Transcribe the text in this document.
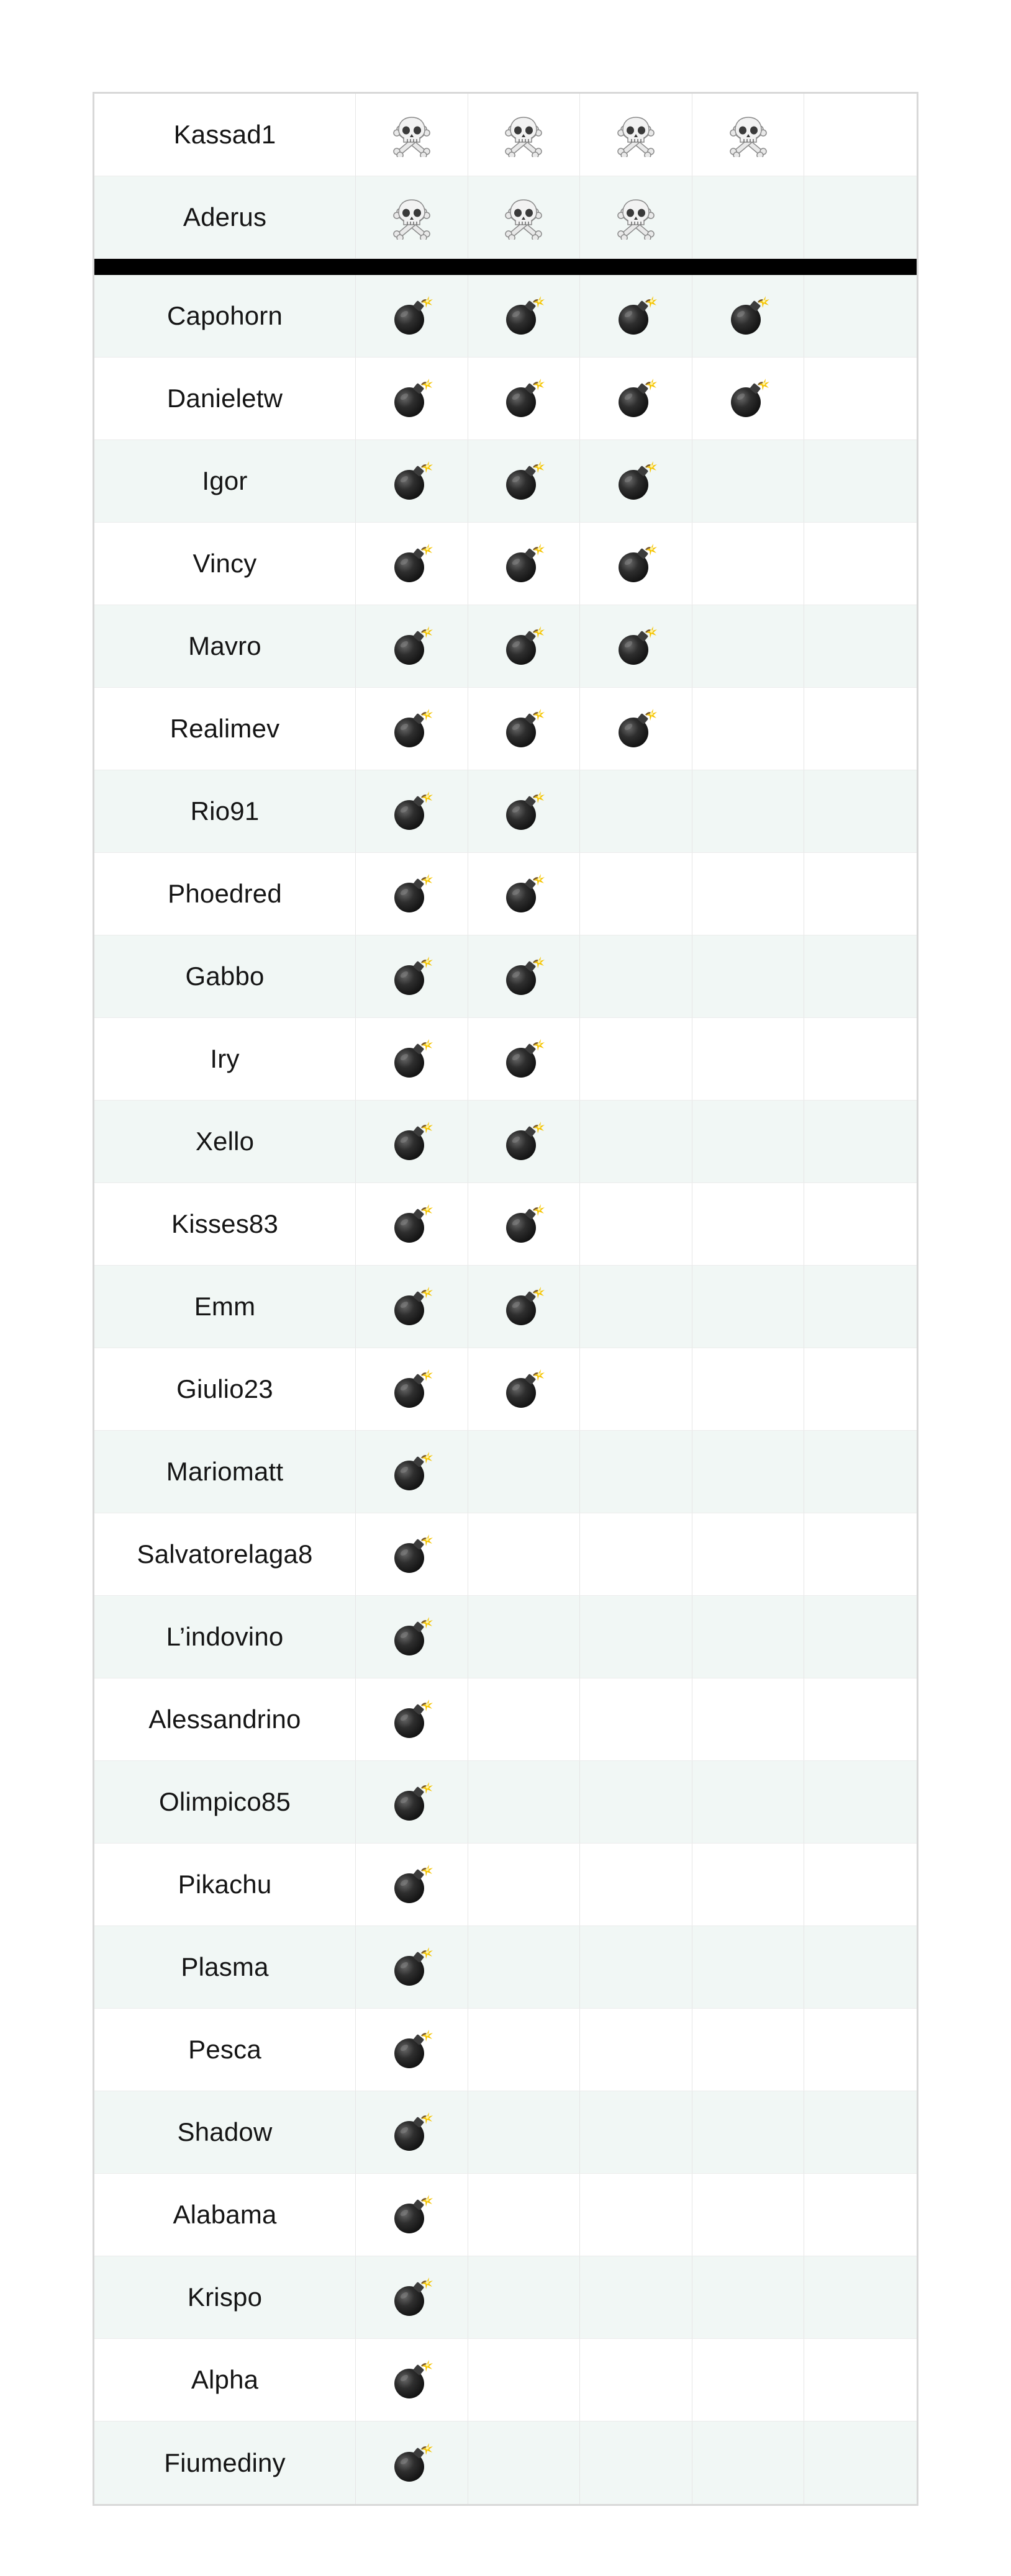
Kassad1
Aderus
Capohorn
Danieletw
Igor
Vincy
Mavro
Realimev
Rio91
Phoedred
Gabbo
Iry
Xello
Kisses83
Emm
Giulio23
Mariomatt
Salvatorelaga8
L’indovino
Alessandrino
Olimpico85
Pikachu
Plasma
Pesca
Shadow
Alabama
Krispo
Alpha
Fiumediny
